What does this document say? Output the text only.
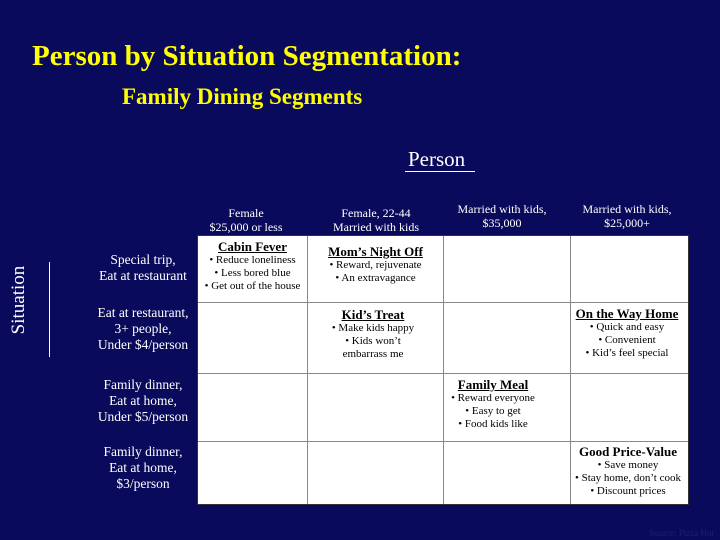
Person by Situation Segmentation:
Family Dining Segments
Person
Situation
Female
$25,000 or less
Female, 22-44
Married with kids
Married with kids,
$35,000
Married with kids,
$25,000+
Special trip,
Eat at restaurant
Eat at restaurant,
3+ people,
Under $4/person
Family dinner,
Eat at home,
Under $5/person
Family dinner,
Eat at home,
$3/person
Cabin Fever
• Reduce loneliness
• Less bored blue
• Get out of the house
Mom’s Night Off
• Reward, rejuvenate
• An extravagance
Kid’s Treat
• Make kids happy
• Kids won’t
embarrass me
On the Way Home
• Quick and easy
• Convenient
• Kid’s feel special
Family Meal
• Reward everyone
• Easy to get
• Food kids like
Good Price-Value
• Save money
• Stay home, don’t cook
• Discount prices
Source: Pizza Hut
